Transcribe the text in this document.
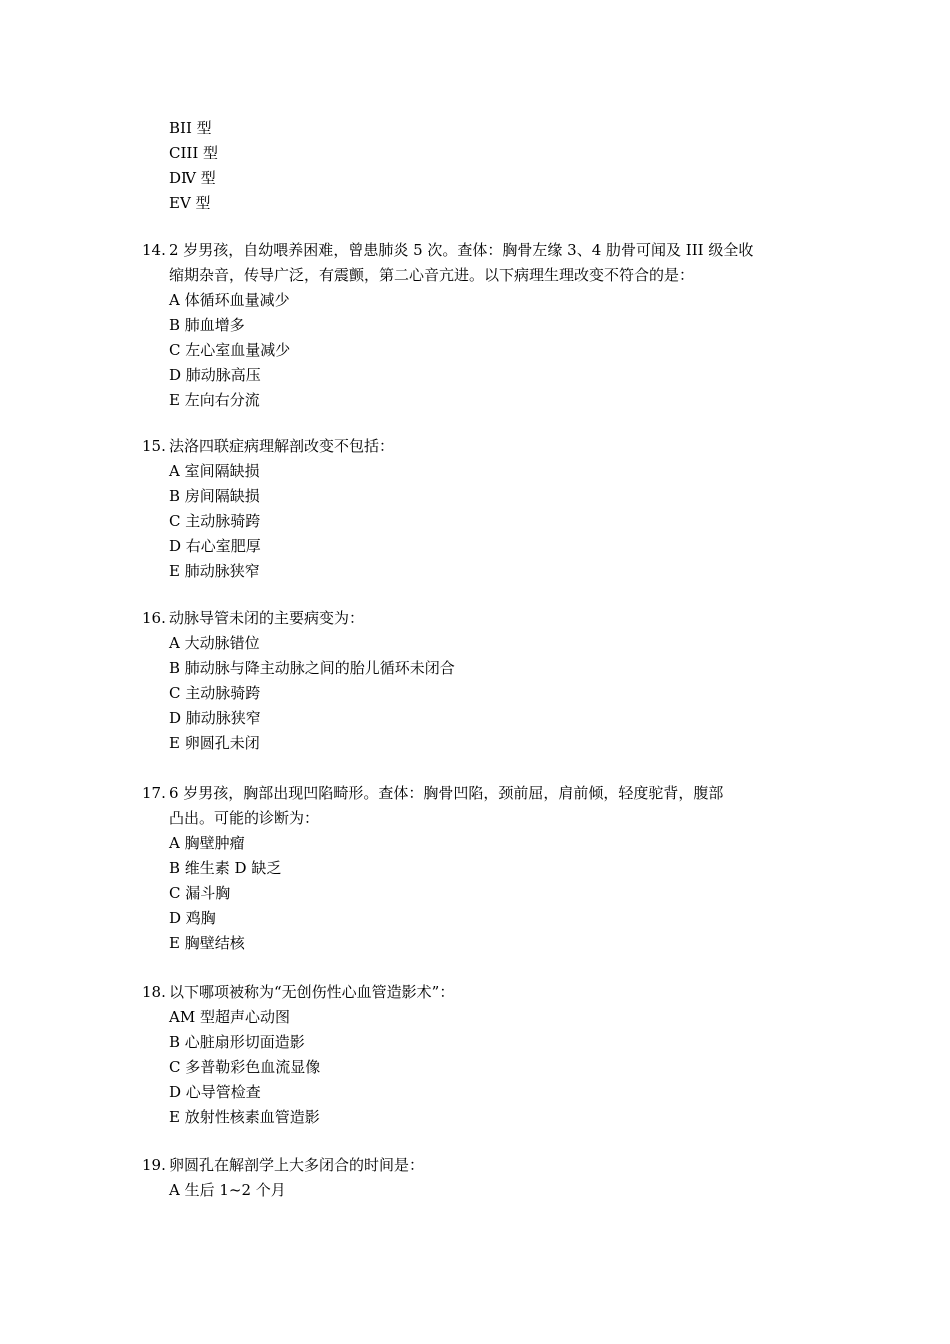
BII 型
CIII 型
DⅣ 型
EⅤ 型
14. 2 岁男孩，自幼喂养困难，曾患肺炎 5 次。查体：胸骨左缘 3、4 肋骨可闻及 III 级全收
缩期杂音，传导广泛，有震颤，第二心音亢进。以下病理生理改变不符合的是：
A 体循环血量减少
B 肺血增多
C 左心室血量减少
D 肺动脉高压
E 左向右分流
15. 法洛四联症病理解剖改变不包括：
A 室间隔缺损
B 房间隔缺损
C 主动脉骑跨
D 右心室肥厚
E 肺动脉狭窄
16. 动脉导管未闭的主要病变为：
A 大动脉错位
B 肺动脉与降主动脉之间的胎儿循环未闭合
C 主动脉骑跨
D 肺动脉狭窄
E 卵圆孔未闭
17. 6 岁男孩，胸部出现凹陷畸形。查体：胸骨凹陷，颈前屈，肩前倾，轻度驼背，腹部
凸出。可能的诊断为：
A 胸壁肿瘤
B 维生素 D 缺乏
C 漏斗胸
D 鸡胸
E 胸壁结核
18. 以下哪项被称为“无创伤性心血管造影术”：
AM 型超声心动图
B 心脏扇形切面造影
C 多普勒彩色血流显像
D 心导管检查
E 放射性核素血管造影
19. 卵圆孔在解剖学上大多闭合的时间是：
A 生后 1~2 个月
